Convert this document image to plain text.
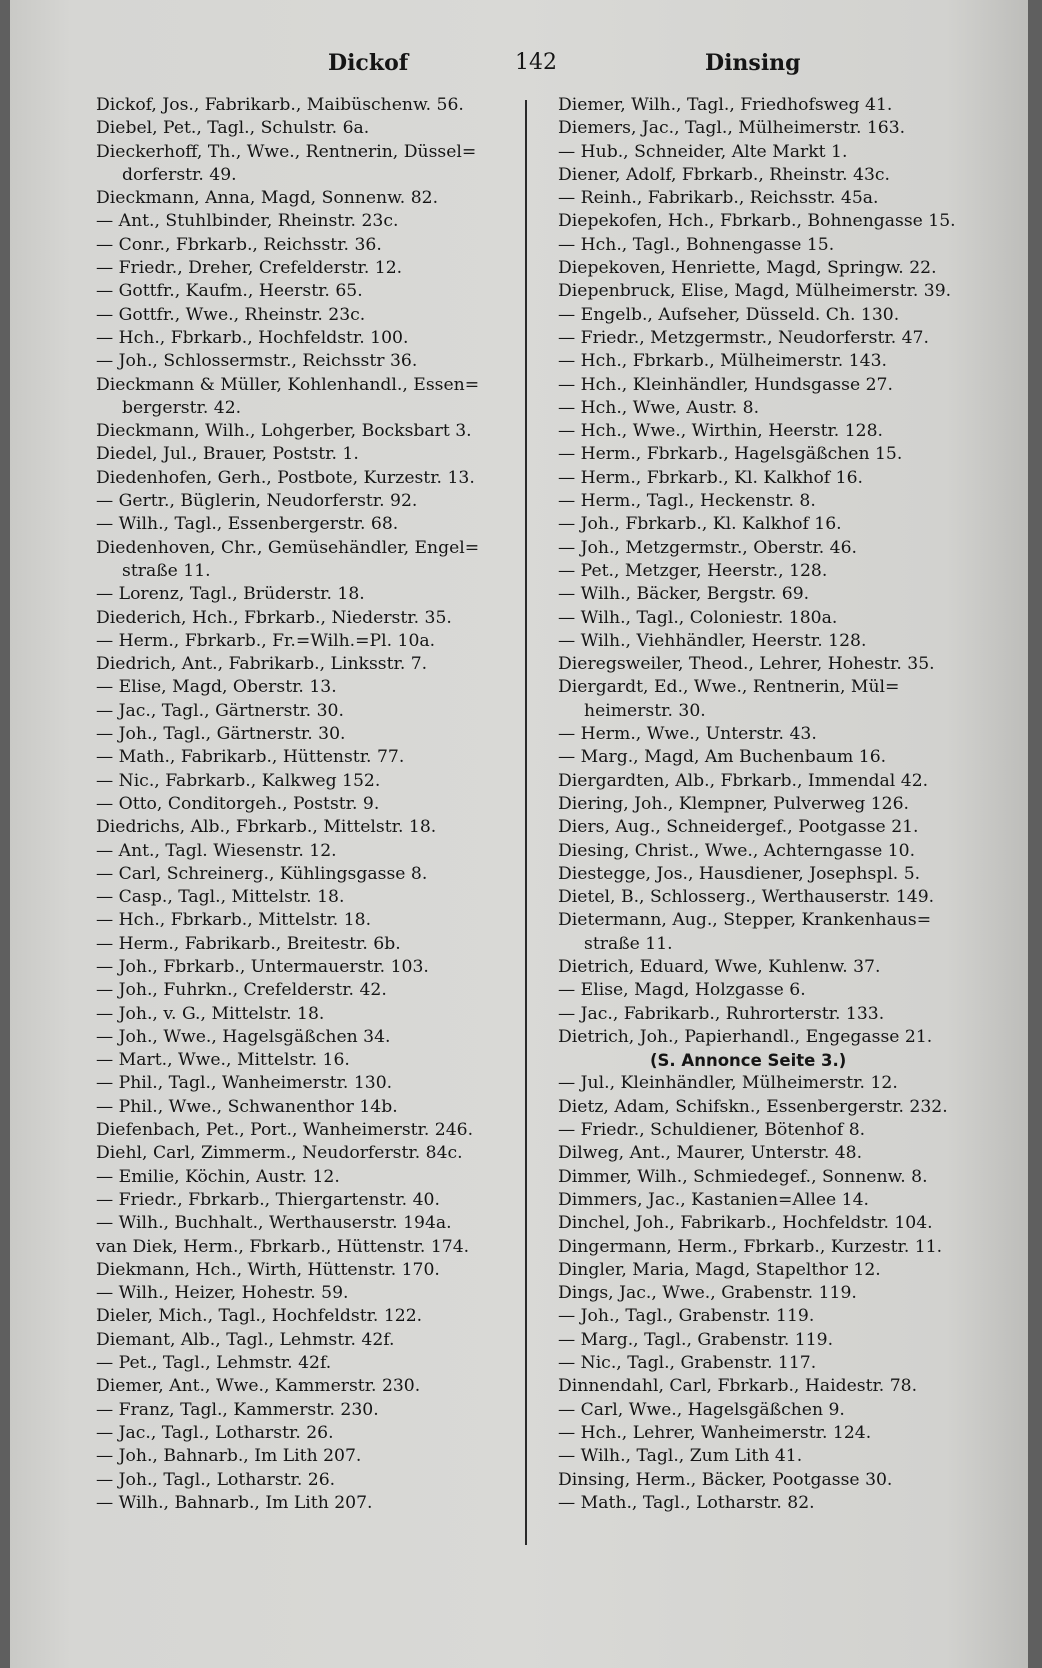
Dickof	142	Dinsing
Dickof, Jos., Fabrikarb., Maibüschenw. 56.
Diebel, Pet., Tagl., Schulstr. 6a.
Dieckerhoff, Th., Wwe., Rentnerin, Düssel=
dorferstr. 49.
Dieckmann, Anna, Magd, Sonnenw. 82.
— Ant., Stuhlbinder, Rheinstr. 23c.
— Conr., Fbrkarb., Reichsstr. 36.
— Friedr., Dreher, Crefelderstr. 12.
— Gottfr., Kaufm., Heerstr. 65.
— Gottfr., Wwe., Rheinstr. 23c.
— Hch., Fbrkarb., Hochfeldstr. 100.
— Joh., Schlossermstr., Reichsstr 36.
Dieckmann & Müller, Kohlenhandl., Essen=
bergerstr. 42.
Dieckmann, Wilh., Lohgerber, Bocksbart 3.
Diedel, Jul., Brauer, Poststr. 1.
Diedenhofen, Gerh., Postbote, Kurzestr. 13.
— Gertr., Büglerin, Neudorferstr. 92.
— Wilh., Tagl., Essenbergerstr. 68.
Diedenhoven, Chr., Gemüsehändler, Engel=
straße 11.
— Lorenz, Tagl., Brüderstr. 18.
Diederich, Hch., Fbrkarb., Niederstr. 35.
— Herm., Fbrkarb., Fr.=Wilh.=Pl. 10a.
Diedrich, Ant., Fabrikarb., Linksstr. 7.
— Elise, Magd, Oberstr. 13.
— Jac., Tagl., Gärtnerstr. 30.
— Joh., Tagl., Gärtnerstr. 30.
— Math., Fabrikarb., Hüttenstr. 77.
— Nic., Fabrkarb., Kalkweg 152.
— Otto, Conditorgeh., Poststr. 9.
Diedrichs, Alb., Fbrkarb., Mittelstr. 18.
— Ant., Tagl. Wiesenstr. 12.
— Carl, Schreinerg., Kühlingsgasse 8.
— Casp., Tagl., Mittelstr. 18.
— Hch., Fbrkarb., Mittelstr. 18.
— Herm., Fabrikarb., Breitestr. 6b.
— Joh., Fbrkarb., Untermauerstr. 103.
— Joh., Fuhrkn., Crefelderstr. 42.
— Joh., v. G., Mittelstr. 18.
— Joh., Wwe., Hagelsgäßchen 34.
— Mart., Wwe., Mittelstr. 16.
— Phil., Tagl., Wanheimerstr. 130.
— Phil., Wwe., Schwanenthor 14b.
Diefenbach, Pet., Port., Wanheimerstr. 246.
Diehl, Carl, Zimmerm., Neudorferstr. 84c.
— Emilie, Köchin, Austr. 12.
— Friedr., Fbrkarb., Thiergartenstr. 40.
— Wilh., Buchhalt., Werthauserstr. 194a.
van Diek, Herm., Fbrkarb., Hüttenstr. 174.
Diekmann, Hch., Wirth, Hüttenstr. 170.
— Wilh., Heizer, Hohestr. 59.
Dieler, Mich., Tagl., Hochfeldstr. 122.
Diemant, Alb., Tagl., Lehmstr. 42f.
— Pet., Tagl., Lehmstr. 42f.
Diemer, Ant., Wwe., Kammerstr. 230.
— Franz, Tagl., Kammerstr. 230.
— Jac., Tagl., Lotharstr. 26.
— Joh., Bahnarb., Im Lith 207.
— Joh., Tagl., Lotharstr. 26.
— Wilh., Bahnarb., Im Lith 207.
Diemer, Wilh., Tagl., Friedhofsweg 41.
Diemers, Jac., Tagl., Mülheimerstr. 163.
— Hub., Schneider, Alte Markt 1.
Diener, Adolf, Fbrkarb., Rheinstr. 43c.
— Reinh., Fabrikarb., Reichsstr. 45a.
Diepekofen, Hch., Fbrkarb., Bohnengasse 15.
— Hch., Tagl., Bohnengasse 15.
Diepekoven, Henriette, Magd, Springw. 22.
Diepenbruck, Elise, Magd, Mülheimerstr. 39.
— Engelb., Aufseher, Düsseld. Ch. 130.
— Friedr., Metzgermstr., Neudorferstr. 47.
— Hch., Fbrkarb., Mülheimerstr. 143.
— Hch., Kleinhändler, Hundsgasse 27.
— Hch., Wwe, Austr. 8.
— Hch., Wwe., Wirthin, Heerstr. 128.
— Herm., Fbrkarb., Hagelsgäßchen 15.
— Herm., Fbrkarb., Kl. Kalkhof 16.
— Herm., Tagl., Heckenstr. 8.
— Joh., Fbrkarb., Kl. Kalkhof 16.
— Joh., Metzgermstr., Oberstr. 46.
— Pet., Metzger, Heerstr., 128.
— Wilh., Bäcker, Bergstr. 69.
— Wilh., Tagl., Coloniestr. 180a.
— Wilh., Viehhändler, Heerstr. 128.
Dieregsweiler, Theod., Lehrer, Hohestr. 35.
Diergardt, Ed., Wwe., Rentnerin, Mül=
heimerstr. 30.
— Herm., Wwe., Unterstr. 43.
— Marg., Magd, Am Buchenbaum 16.
Diergardten, Alb., Fbrkarb., Immendal 42.
Diering, Joh., Klempner, Pulverweg 126.
Diers, Aug., Schneidergef., Pootgasse 21.
Diesing, Christ., Wwe., Achterngasse 10.
Diestegge, Jos., Hausdiener, Josephspl. 5.
Dietel, B., Schlosserg., Werthauserstr. 149.
Dietermann, Aug., Stepper, Krankenhaus=
straße 11.
Dietrich, Eduard, Wwe, Kuhlenw. 37.
— Elise, Magd, Holzgasse 6.
— Jac., Fabrikarb., Ruhrorterstr. 133.
Dietrich, Joh., Papierhandl., Engegasse 21.
(S. Annonce Seite 3.)
— Jul., Kleinhändler, Mülheimerstr. 12.
Dietz, Adam, Schifskn., Essenbergerstr. 232.
— Friedr., Schuldiener, Bötenhof 8.
Dilweg, Ant., Maurer, Unterstr. 48.
Dimmer, Wilh., Schmiedegef., Sonnenw. 8.
Dimmers, Jac., Kastanien=Allee 14.
Dinchel, Joh., Fabrikarb., Hochfeldstr. 104.
Dingermann, Herm., Fbrkarb., Kurzestr. 11.
Dingler, Maria, Magd, Stapelthor 12.
Dings, Jac., Wwe., Grabenstr. 119.
— Joh., Tagl., Grabenstr. 119.
— Marg., Tagl., Grabenstr. 119.
— Nic., Tagl., Grabenstr. 117.
Dinnendahl, Carl, Fbrkarb., Haidestr. 78.
— Carl, Wwe., Hagelsgäßchen 9.
— Hch., Lehrer, Wanheimerstr. 124.
— Wilh., Tagl., Zum Lith 41.
Dinsing, Herm., Bäcker, Pootgasse 30.
— Math., Tagl., Lotharstr. 82.
